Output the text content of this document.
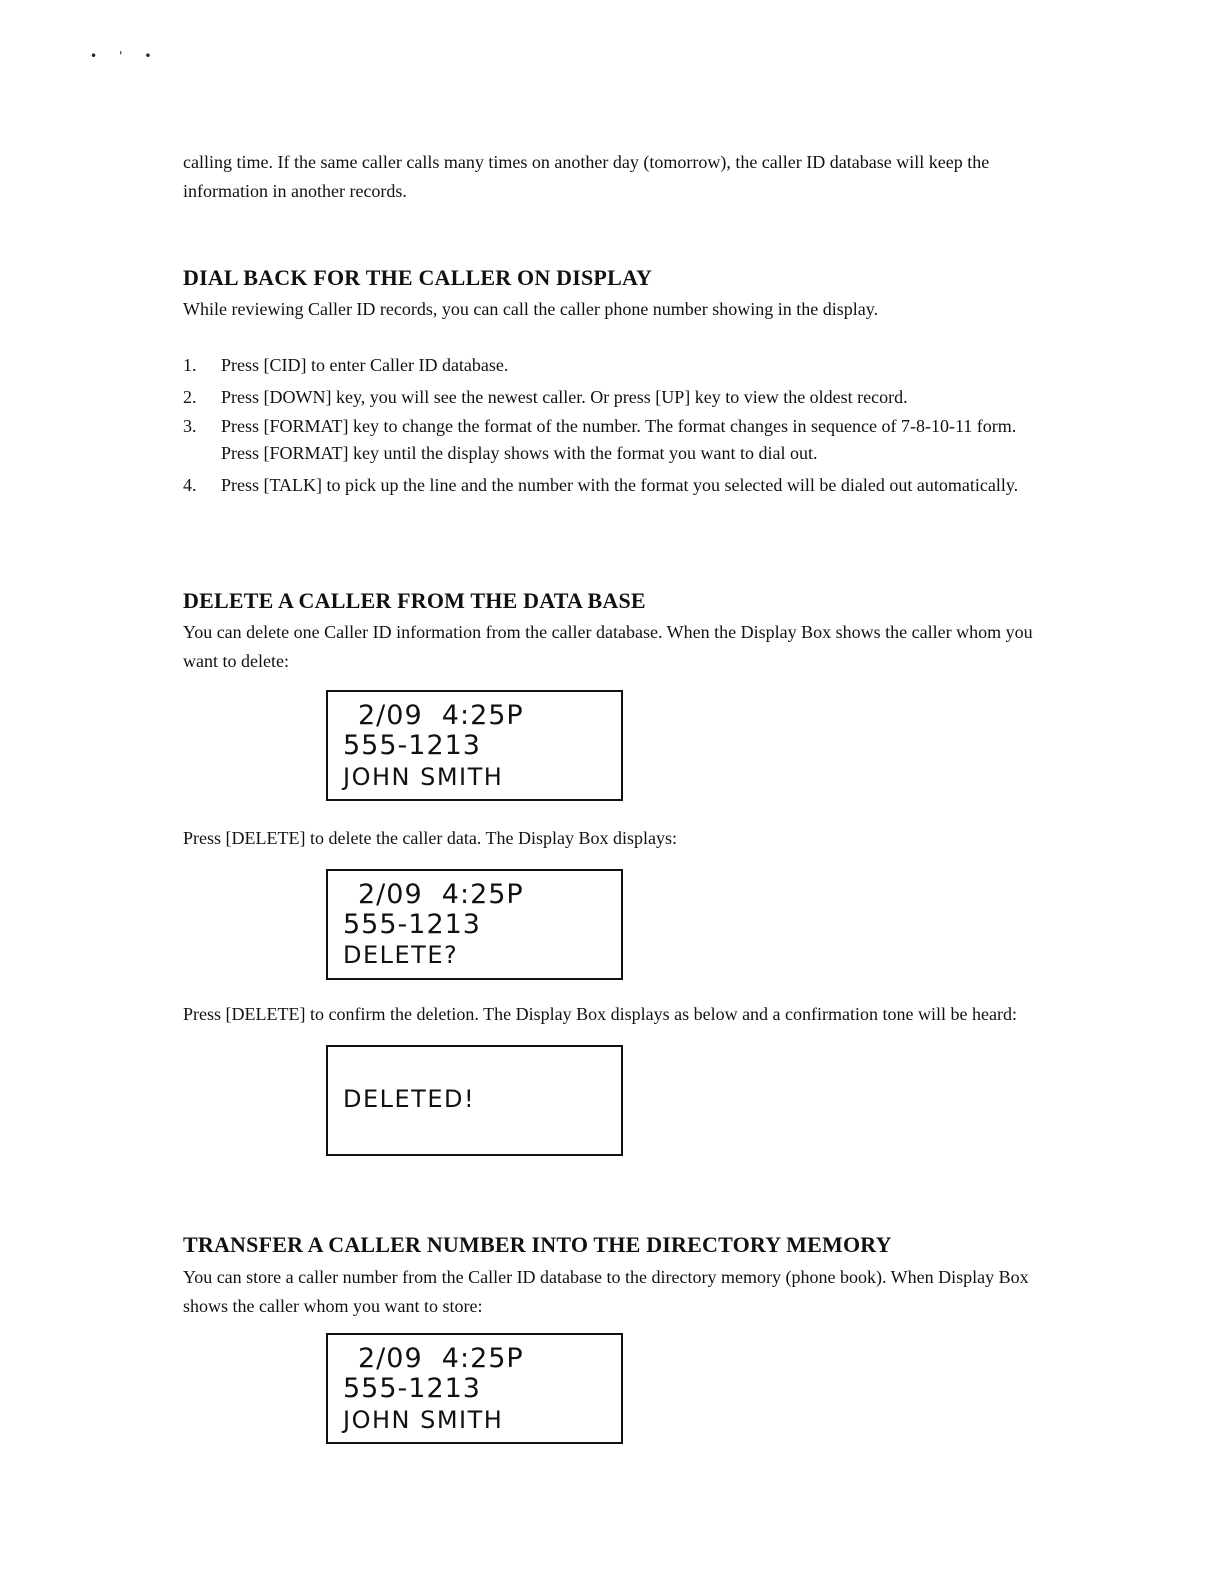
•'•

calling time. If the same caller calls many times on another day (tomorrow), the caller ID database will keep the information in another records.

DIAL BACK FOR THE CALLER ON DISPLAY

While reviewing Caller ID records, you can call the caller phone number showing in the display.

1. Press [CID] to enter Caller ID database.
2. Press [DOWN] key, you will see the newest caller. Or press [UP] key to view the oldest record.
3. Press [FORMAT] key to change the format of the number. The format changes in sequence of 7-8-10-11 form. Press [FORMAT] key until the display shows with the format you want to dial out.
4. Press [TALK] to pick up the line and the number with the format you selected will be dialed out automatically.
DELETE A CALLER FROM THE DATA BASE

You can delete one Caller ID information from the caller database. When the Display Box shows the caller whom you want to delete:

2/09  4:25P
555-1213
JOHN SMITH

Press [DELETE] to delete the caller data. The Display Box displays:

2/09  4:25P
555-1213
DELETE?

Press [DELETE] to confirm the deletion. The Display Box displays as below and a confirmation tone will be heard:

DELETED!
TRANSFER A CALLER NUMBER INTO THE DIRECTORY MEMORY

You can store a caller number from the Caller ID database to the directory memory (phone book). When Display Box shows the caller whom you want to store:

2/09  4:25P
555-1213
JOHN SMITH
